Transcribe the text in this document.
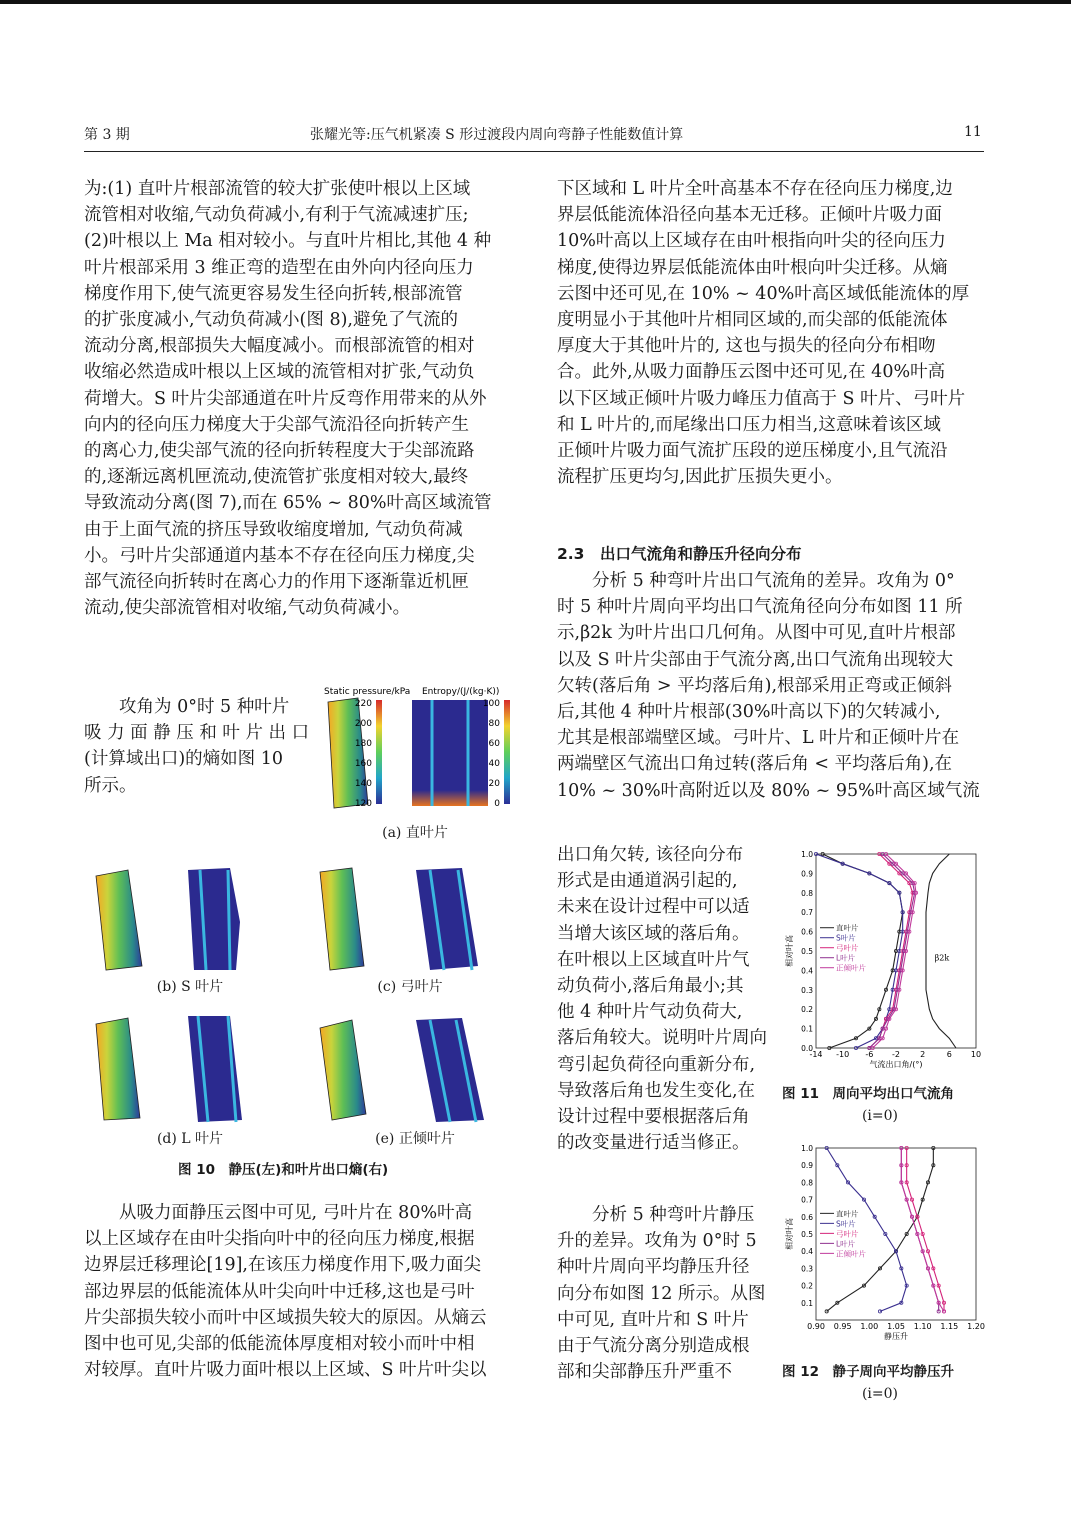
第 3 期	张耀光等:压气机紧凑 S 形过渡段内周向弯静子性能数值计算	11

为:(1) 直叶片根部流管的较大扩张使叶根以上区域

流管相对收缩,气动负荷减小,有利于气流减速扩压;

(2)叶根以上 Ma 相对较小。与直叶片相比,其他 4 种

叶片根部采用 3 维正弯的造型在由外向内径向压力

梯度作用下,使气流更容易发生径向折转,根部流管

的扩张度减小,气动负荷减小(图 8),避免了气流的

流动分离,根部损失大幅度减小。而根部流管的相对

收缩必然造成叶根以上区域的流管相对扩张,气动负

荷增大。S 叶片尖部通道在叶片反弯作用带来的从外

向内的径向压力梯度大于尖部气流沿径向折转产生

的离心力,使尖部气流的径向折转程度大于尖部流路

的,逐渐远离机匣流动,使流管扩张度相对较大,最终

导致流动分离(图 7),而在 65% ~ 80%叶高区域流管

由于上面气流的挤压导致收缩度增加, 气动负荷减

小。弓叶片尖部通道内基本不存在径向压力梯度,尖

部气流径向折转时在离心力的作用下逐渐靠近机匣

流动,使尖部流管相对收缩,气动负荷减小。

攻角为 0°时 5 种叶片

吸 力 面 静 压 和 叶 片 出 口

(计算域出口)的熵如图 10

所示。

Static pressure/kPa Entropy/(J/(kg·K))
220
200
180
160
140
120
100
80
60
40
20
0
(a) 直叶片
(b) S 叶片	(c) 弓叶片
(d) L 叶片	(e) 正倾叶片
图 10　静压(左)和叶片出口熵(右)

从吸力面静压云图中可见, 弓叶片在 80%叶高

以上区域存在由叶尖指向叶中的径向压力梯度,根据

边界层迁移理论[19],在该压力梯度作用下,吸力面尖

部边界层的低能流体从叶尖向叶中迁移,这也是弓叶

片尖部损失较小而叶中区域损失较大的原因。从熵云

图中也可见,尖部的低能流体厚度相对较小而叶中相

对较厚。直叶片吸力面叶根以上区域、S 叶片叶尖以

下区域和 L 叶片全叶高基本不存在径向压力梯度,边

界层低能流体沿径向基本无迁移。正倾叶片吸力面

10%叶高以上区域存在由叶根指向叶尖的径向压力

梯度,使得边界层低能流体由叶根向叶尖迁移。从熵

云图中还可见,在 10% ~ 40%叶高区域低能流体的厚

度明显小于其他叶片相同区域的,而尖部的低能流体

厚度大于其他叶片的, 这也与损失的径向分布相吻

合。此外,从吸力面静压云图中还可见,在 40%叶高

以下区域正倾叶片吸力峰压力值高于 S 叶片、弓叶片

和 L 叶片的,而尾缘出口压力相当,这意味着该区域

正倾叶片吸力面气流扩压段的逆压梯度小,且气流沿

流程扩压更均匀,因此扩压损失更小。

2.3　出口气流角和静压升径向分布

分析 5 种弯叶片出口气流角的差异。攻角为 0°

时 5 种叶片周向平均出口气流角径向分布如图 11 所

示,β2k 为叶片出口几何角。从图中可见,直叶片根部

以及 S 叶片尖部由于气流分离,出口气流角出现较大

欠转(落后角 > 平均落后角),根部采用正弯或正倾斜

后,其他 4 种叶片根部(30%叶高以下)的欠转减小,

尤其是根部端壁区域。弓叶片、L 叶片和正倾叶片在

两端壁区气流出口角过转(落后角 < 平均落后角),在

10% ~ 30%叶高附近以及 80% ~ 95%叶高区域气流

出口角欠转, 该径向分布

形式是由通道涡引起的,

未来在设计过程中可以适

当增大该区域的落后角。

在叶根以上区域直叶片气

动负荷小,落后角最小;其

他 4 种叶片气动负荷大,

落后角较大。说明叶片周向

弯引起负荷径向重新分布,

导致落后角也发生变化,在

设计过程中要根据落后角

的改变量进行适当修正。

分析 5 种弯叶片静压

升的差异。攻角为 0°时 5

种叶片周向平均静压升径

向分布如图 12 所示。从图

中可见, 直叶片和 S 叶片

由于气流分离分别造成根

部和尖部静压升严重不

-14 -10 -6 -2	2	6 10
0.0
0.1
0.2
0.3
0.4
0.5
0.6
0.7
0.8
0.9
1.0
气流出口角/(°)
相对叶高
直叶片
S叶片
弓叶片
L叶片
正倾叶片
β2k
图 11　周向平均出口气流角
(i=0)
0.90 0.95 1.00 1.05 1.10 1.15 1.20
0.1
0.2
0.3
0.4
0.5
0.6
0.7
0.8
0.9
1.0
静压升
相对叶高
直叶片
S叶片
弓叶片
L叶片
正倾叶片
图 12　静子周向平均静压升
(i=0)
